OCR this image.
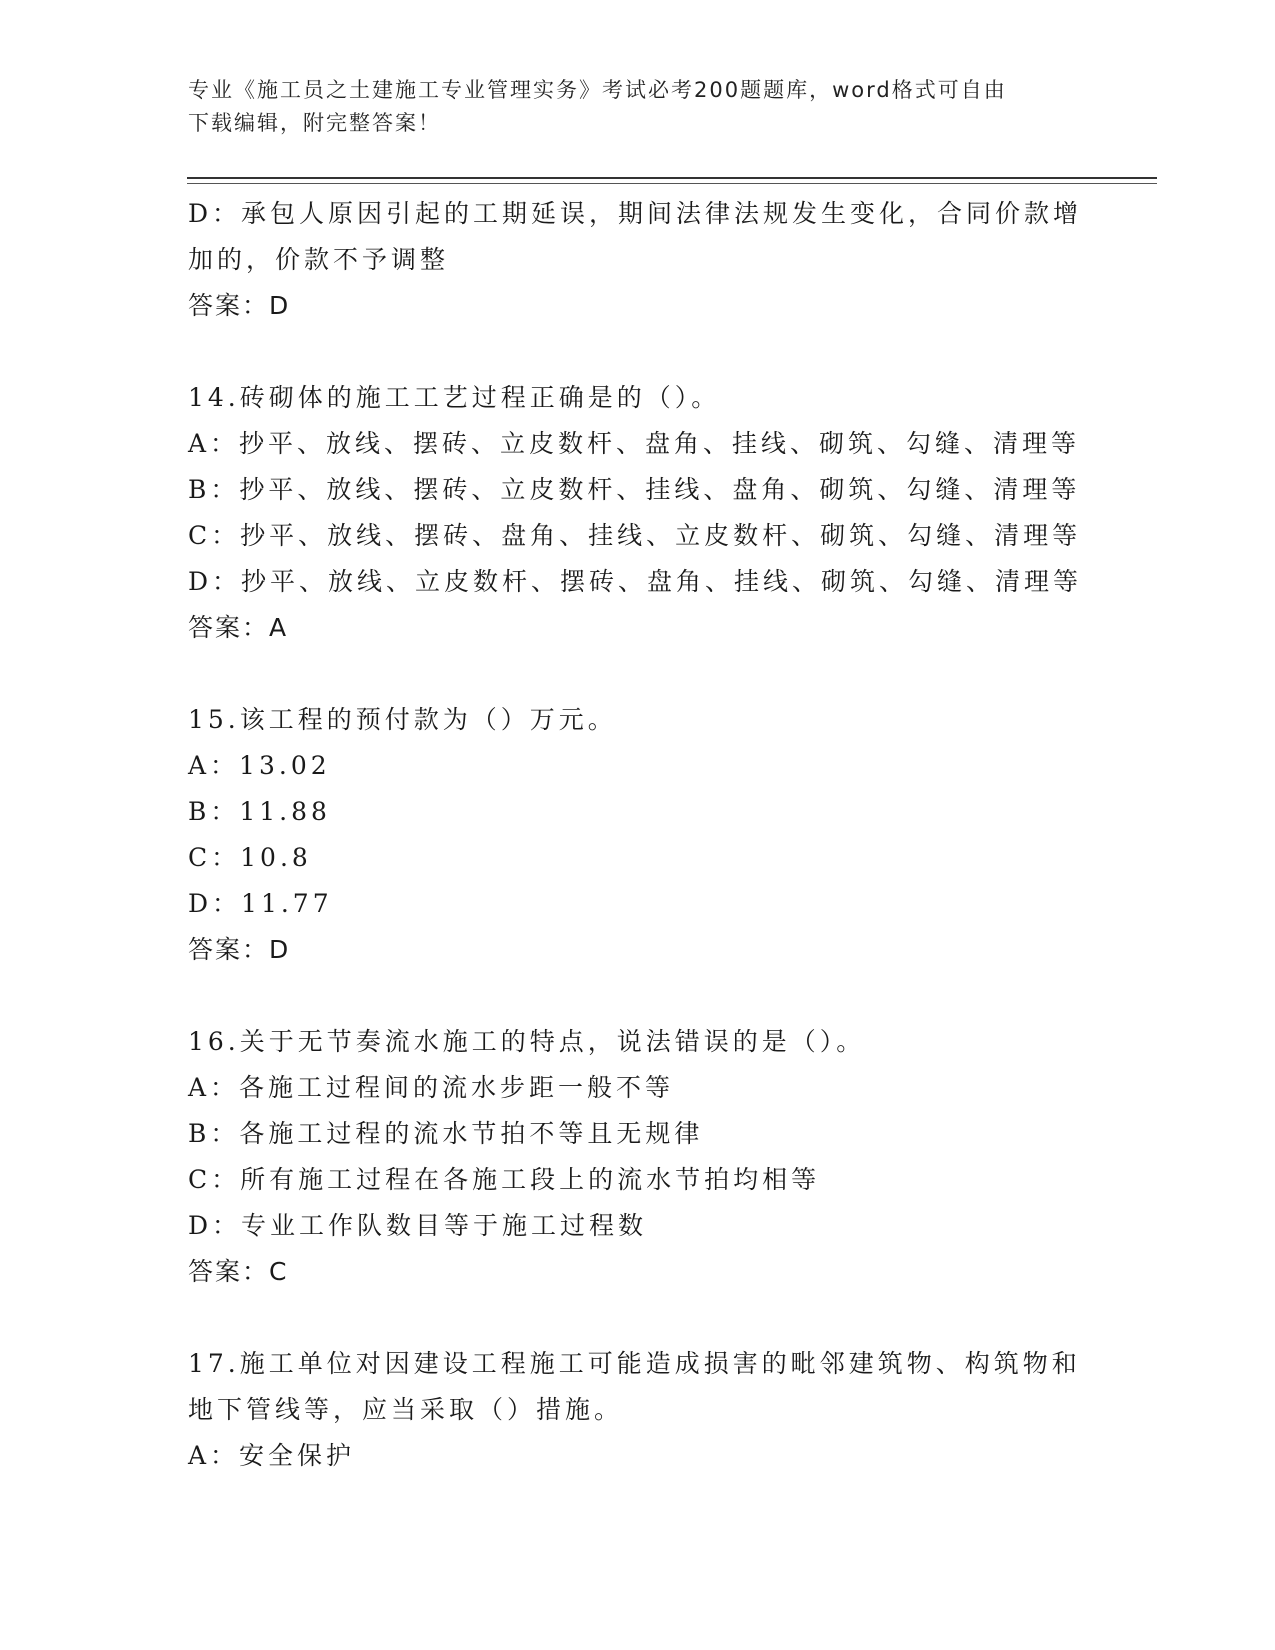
专业《施工员之土建施工专业管理实务》考试必考200题题库，word格式可自由
下载编辑，附完整答案！
D：承包人原因引起的工期延误，期间法律法规发生变化，合同价款增
加的，价款不予调整
答案：D
14.砖砌体的施工工艺过程正确是的（）。
A：抄平、放线、摆砖、立皮数杆、盘角、挂线、砌筑、勾缝、清理等
B：抄平、放线、摆砖、立皮数杆、挂线、盘角、砌筑、勾缝、清理等
C：抄平、放线、摆砖、盘角、挂线、立皮数杆、砌筑、勾缝、清理等
D：抄平、放线、立皮数杆、摆砖、盘角、挂线、砌筑、勾缝、清理等
答案：A
15.该工程的预付款为（）万元。
A：13.02
B：11.88
C：10.8
D：11.77
答案：D
16.关于无节奏流水施工的特点，说法错误的是（）。
A：各施工过程间的流水步距一般不等
B：各施工过程的流水节拍不等且无规律
C：所有施工过程在各施工段上的流水节拍均相等
D：专业工作队数目等于施工过程数
答案：C
17.施工单位对因建设工程施工可能造成损害的毗邻建筑物、构筑物和
地下管线等，应当采取（）措施。
A：安全保护
